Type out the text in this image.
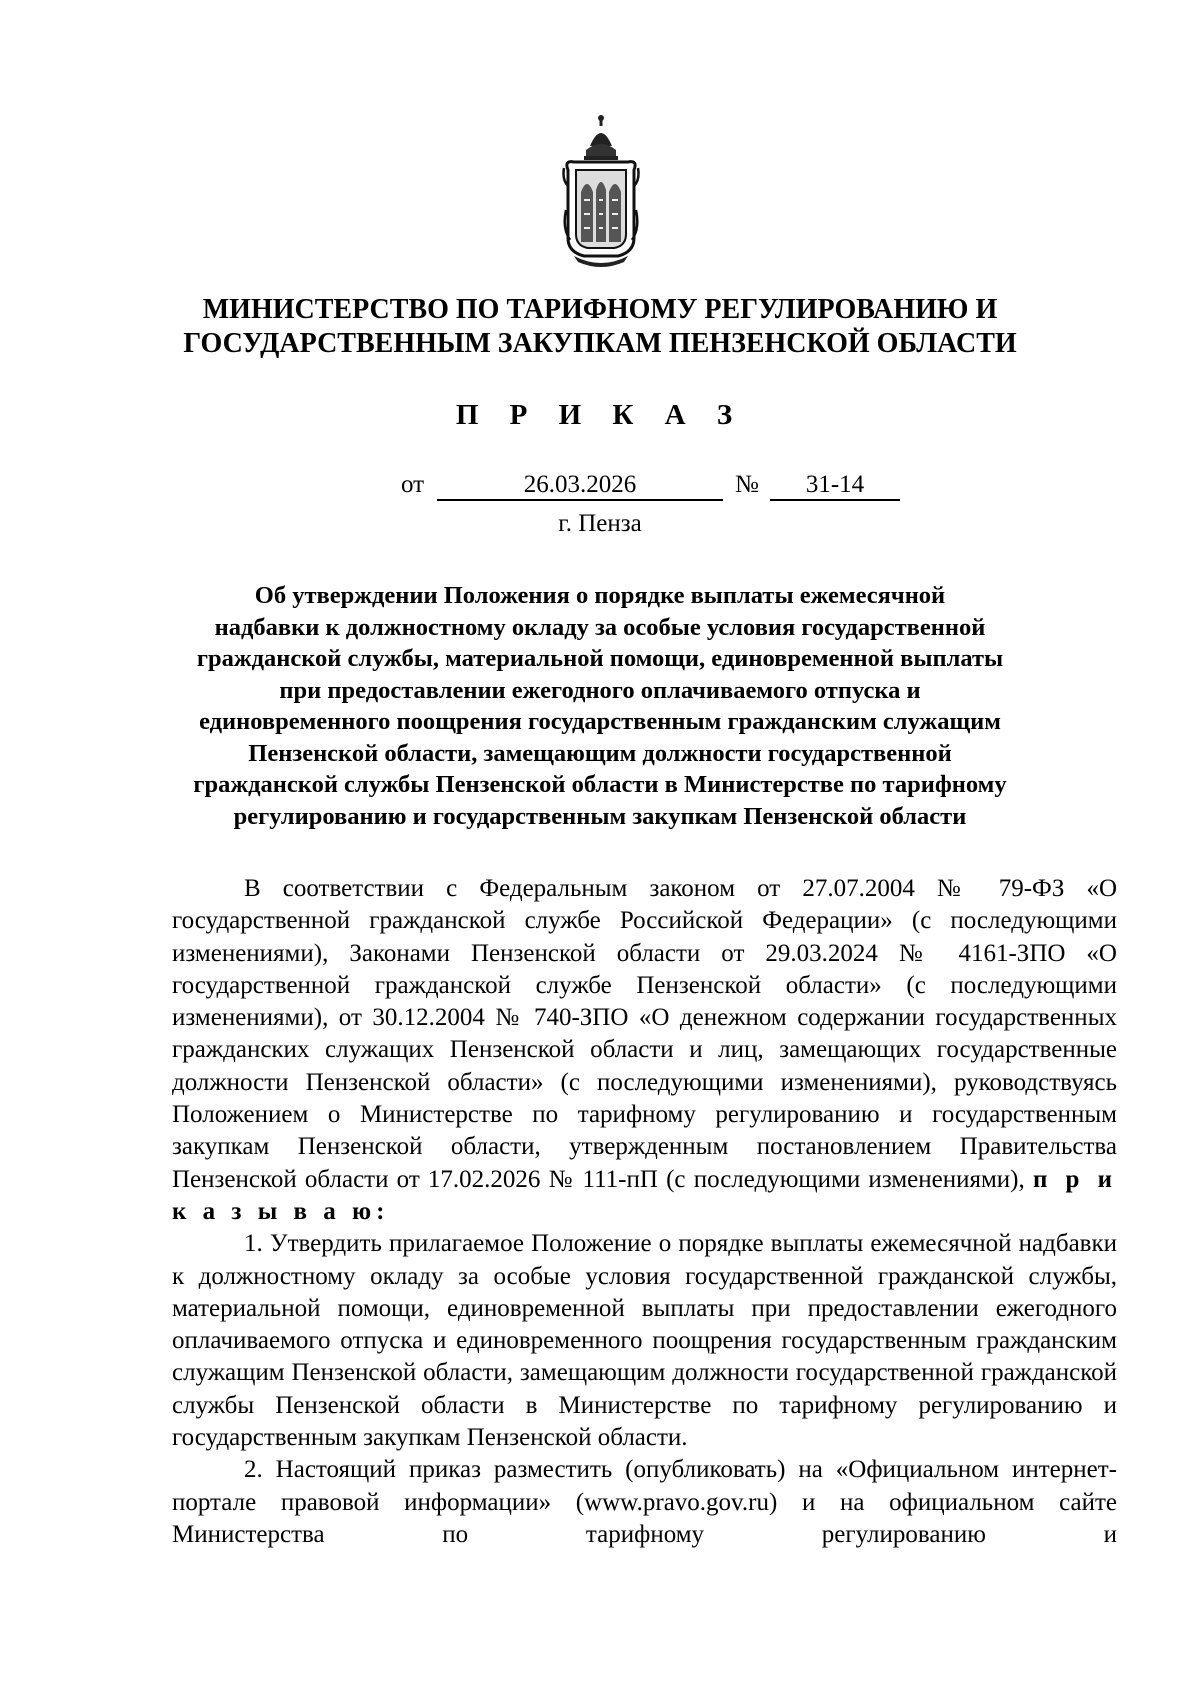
МИНИСТЕРСТВО ПО ТАРИФНОМУ РЕГУЛИРОВАНИЮ И
ГОСУДАРСТВЕННЫМ ЗАКУПКАМ ПЕНЗЕНСКОЙ ОБЛАСТИ
П Р И К А З
от	26.03.2026	№	31-14
г. Пенза
Об утверждении Положения о порядке выплаты ежемесячной
надбавки к должностному окладу за особые условия государственной
гражданской службы, материальной помощи, единовременной выплаты
при предоставлении ежегодного оплачиваемого отпуска и
единовременного поощрения государственным гражданским служащим
Пензенской области, замещающим должности государственной
гражданской службы Пензенской области в Министерстве по тарифному
регулированию и государственным закупкам Пензенской области

В соответствии с Федеральным законом от 27.07.2004 № 79-ФЗ «О государственной гражданской службе Российской Федерации» (с последующими изменениями), Законами Пензенской области от 29.03.2024 № 4161-ЗПО «О государственной гражданской службе Пензенской области» (с последующими изменениями), от 30.12.2004 № 740-ЗПО «О денежном содержании государственных гражданских служащих Пензенской области и лиц, замещающих государственные должности Пензенской области» (с последующими изменениями), руководствуясь Положением о Министерстве по тарифному регулированию и государственным закупкам Пензенской области, утвержденным постановлением Правительства Пензенской области от 17.02.2026 № 111-пП (с последующими изменениями), п р и к а з ы в а ю:

1. Утвердить прилагаемое Положение о порядке выплаты ежемесячной надбавки к должностному окладу за особые условия государственной гражданской службы, материальной помощи, единовременной выплаты при предоставлении ежегодного оплачиваемого отпуска и единовременного поощрения государственным гражданским служащим Пензенской области, замещающим должности государственной гражданской службы Пензенской области в Министерстве по тарифному регулированию и государственным закупкам Пензенской области.

2. Настоящий приказ разместить (опубликовать) на «Официальном интернет-портале правовой информации» (www.pravo.gov.ru) и на официальном сайте Министерства по тарифному регулированию и
